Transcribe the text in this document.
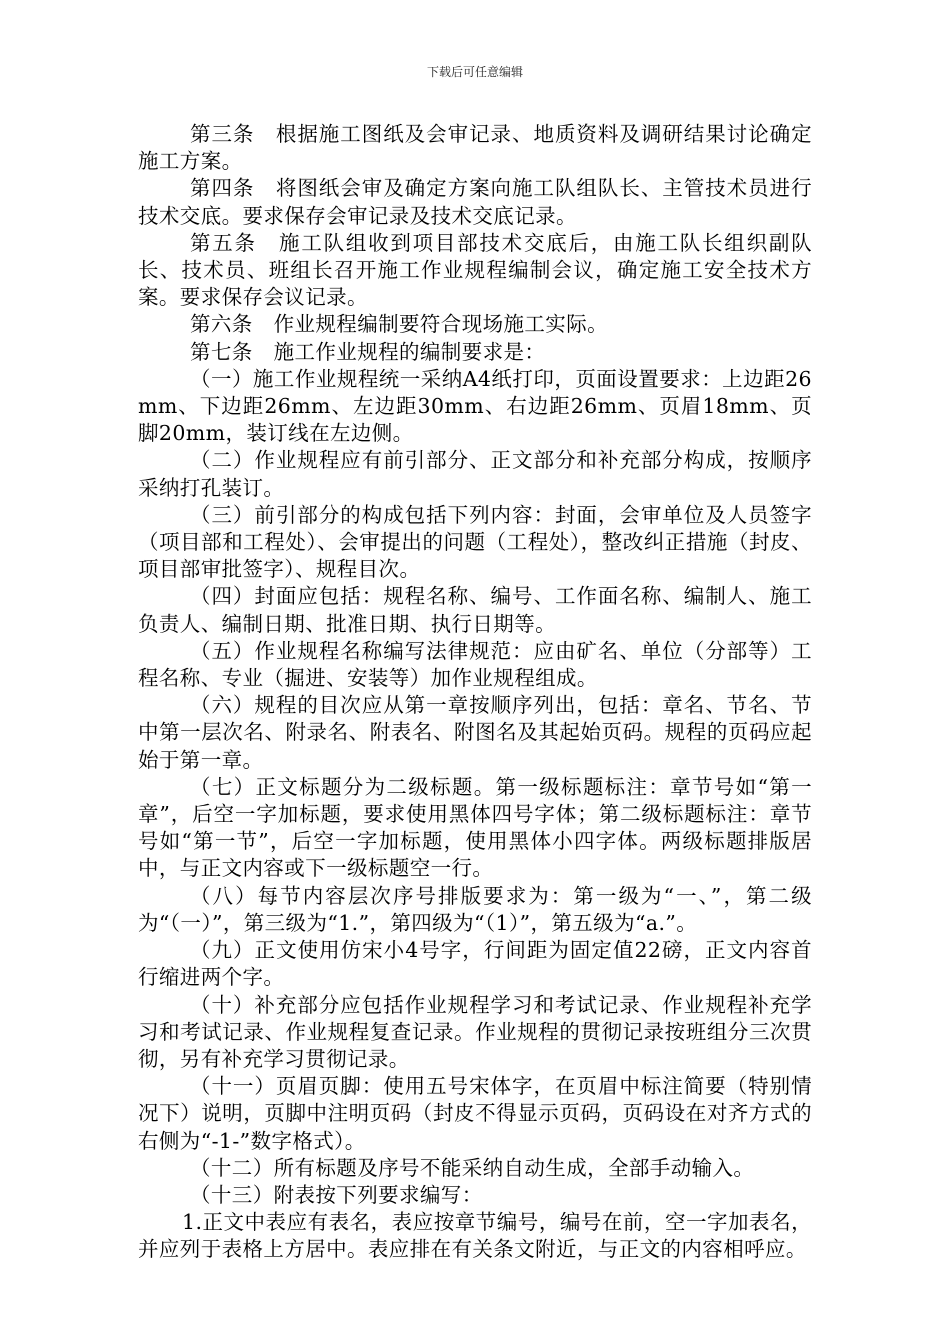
下载后可任意编辑

第三条　根据施工图纸及会审记录、地质资料及调研结果讨论确定施工方案。

第四条　将图纸会审及确定方案向施工队组队长、主管技术员进行技术交底。要求保存会审记录及技术交底记录。

第五条　施工队组收到项目部技术交底后，由施工队长组织副队长、技术员、班组长召开施工作业规程编制会议，确定施工安全技术方案。要求保存会议记录。

第六条　作业规程编制要符合现场施工实际。

第七条　施工作业规程的编制要求是：

（一）施工作业规程统一采纳A4纸打印，页面设置要求：上边距26mm、下边距26mm、左边距30mm、右边距26mm、页眉18mm、页脚20mm，装订线在左边侧。

（二）作业规程应有前引部分、正文部分和补充部分构成，按顺序采纳打孔装订。

（三）前引部分的构成包括下列内容：封面，会审单位及人员签字（项目部和工程处）、会审提出的问题（工程处），整改纠正措施（封皮、项目部审批签字）、规程目次。

（四）封面应包括：规程名称、编号、工作面名称、编制人、施工负责人、编制日期、批准日期、执行日期等。

（五）作业规程名称编写法律规范：应由矿名、单位（分部等）工程名称、专业（掘进、安装等）加作业规程组成。

（六）规程的目次应从第一章按顺序列出，包括：章名、节名、节中第一层次名、附录名、附表名、附图名及其起始页码。规程的页码应起始于第一章。

（七）正文标题分为二级标题。第一级标题标注：章节号如“第一章”，后空一字加标题，要求使用黑体四号字体；第二级标题标注：章节号如“第一节”，后空一字加标题，使用黑体小四字体。两级标题排版居中，与正文内容或下一级标题空一行。

（八）每节内容层次序号排版要求为：第一级为“一、”，第二级为“（一）”，第三级为“1.”，第四级为“（1）”，第五级为“a.”。

（九）正文使用仿宋小4号字，行间距为固定值22磅，正文内容首行缩进两个字。

（十）补充部分应包括作业规程学习和考试记录、作业规程补充学习和考试记录、作业规程复查记录。作业规程的贯彻记录按班组分三次贯彻，另有补充学习贯彻记录。

（十一）页眉页脚：使用五号宋体字，在页眉中标注简要（特别情况下）说明，页脚中注明页码（封皮不得显示页码，页码设在对齐方式的右侧为“-1-”数字格式）。

（十二）所有标题及序号不能采纳自动生成，全部手动输入。

（十三）附表按下列要求编写：

1.正文中表应有表名，表应按章节编号，编号在前，空一字加表名，并应列于表格上方居中。表应排在有关条文附近，与正文的内容相呼应。
